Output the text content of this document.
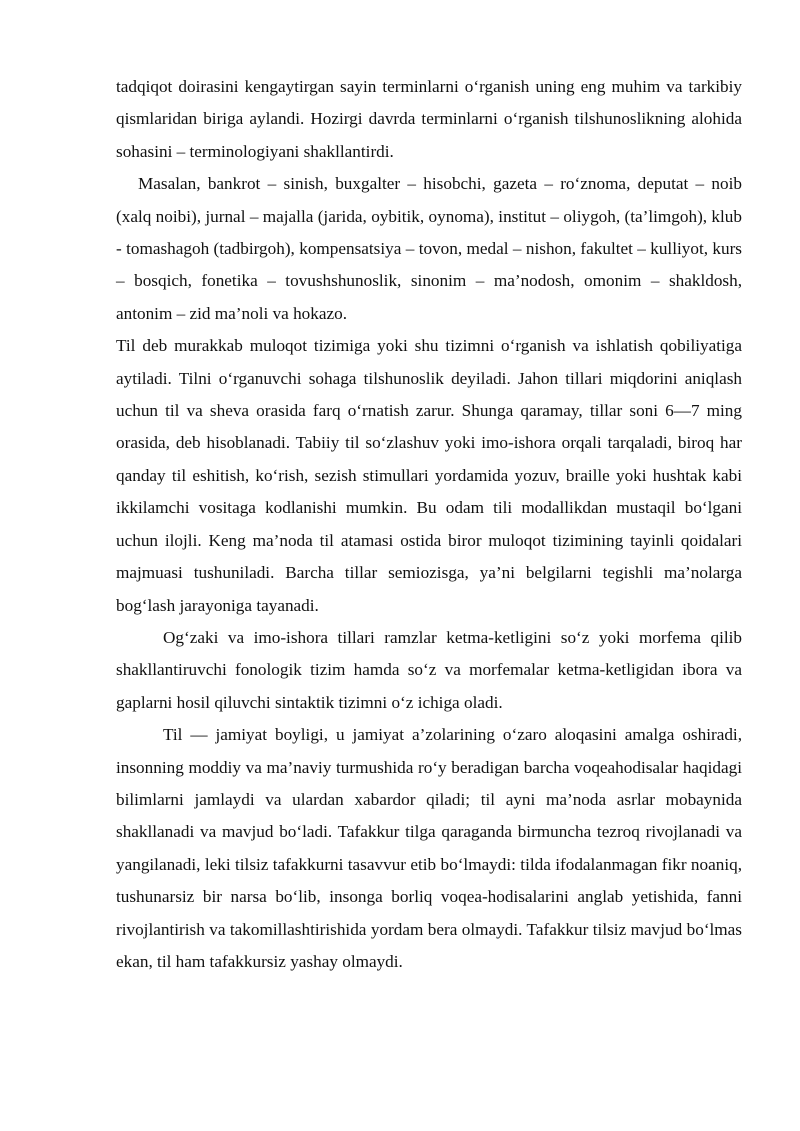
tadqiqot doirasini kengaytirgan sayin terminlarni o‘rganish uning eng muhim va tarkibiy qismlaridan biriga aylandi. Hozirgi davrda terminlarni o‘rganish tilshunoslikning alohida sohasini – terminologiyani shakllantirdi.

Masalan, bankrot – sinish, buxgalter – hisobchi, gazeta – ro‘znoma, deputat – noib (xalq noibi), jurnal – majalla (jarida, oybitik, oynoma), institut – oliygoh, (ta’limgoh), klub - tomashagoh (tadbirgoh), kompensatsiya – tovon, medal – nishon, fakultet – kulliyot, kurs – bosqich, fonetika – tovushshunoslik, sinonim – ma’nodosh, omonim – shakldosh, antonim – zid ma’noli va hokazo.

Til deb murakkab muloqot tizimiga yoki shu tizimni o‘rganish va ishlatish qobiliyatiga aytiladi. Tilni o‘rganuvchi sohaga tilshunoslik deyiladi. Jahon tillari miqdorini aniqlash uchun til va sheva orasida farq o‘rnatish zarur. Shunga qaramay, tillar soni 6—7 ming orasida, deb hisoblanadi. Tabiiy til so‘zlashuv yoki imo-ishora orqali tarqaladi, biroq har qanday til eshitish, ko‘rish, sezish stimullari yordamida yozuv, braille yoki hushtak kabi ikkilamchi vositaga kodlanishi mumkin. Bu odam tili modallikdan mustaqil bo‘lgani uchun ilojli. Keng ma’noda til atamasi ostida biror muloqot tizimining tayinli qoidalari majmuasi tushuniladi. Barcha tillar semiozisga, ya’ni belgilarni tegishli ma’nolarga bog‘lash jarayoniga tayanadi.

Og‘zaki va imo-ishora tillari ramzlar ketma-ketligini so‘z yoki morfema qilib shakllantiruvchi fonologik tizim hamda so‘z va morfemalar ketma-ketligidan ibora va gaplarni hosil qiluvchi sintaktik tizimni o‘z ichiga oladi.

Til — jamiyat boyligi, u jamiyat a’zolarining o‘zaro aloqasini amalga oshiradi, insonning moddiy va ma’naviy turmushida ro‘y beradigan barcha voqeahodisalar haqidagi bilimlarni jamlaydi va ulardan xabardor qiladi; til ayni ma’noda asrlar mobaynida shakllanadi va mavjud bo‘ladi. Tafakkur tilga qaraganda birmuncha tezroq rivojlanadi va yangilanadi, leki tilsiz tafakkurni tasavvur etib bo‘lmaydi: tilda ifodalanmagan fikr noaniq, tushunarsiz bir narsa bo‘lib, insonga borliq voqea-hodisalarini anglab yetishida, fanni rivojlantirish va takomillashtirishida yordam bera olmaydi. Tafakkur tilsiz mavjud bo‘lmas ekan, til ham tafakkursiz yashay olmaydi.
